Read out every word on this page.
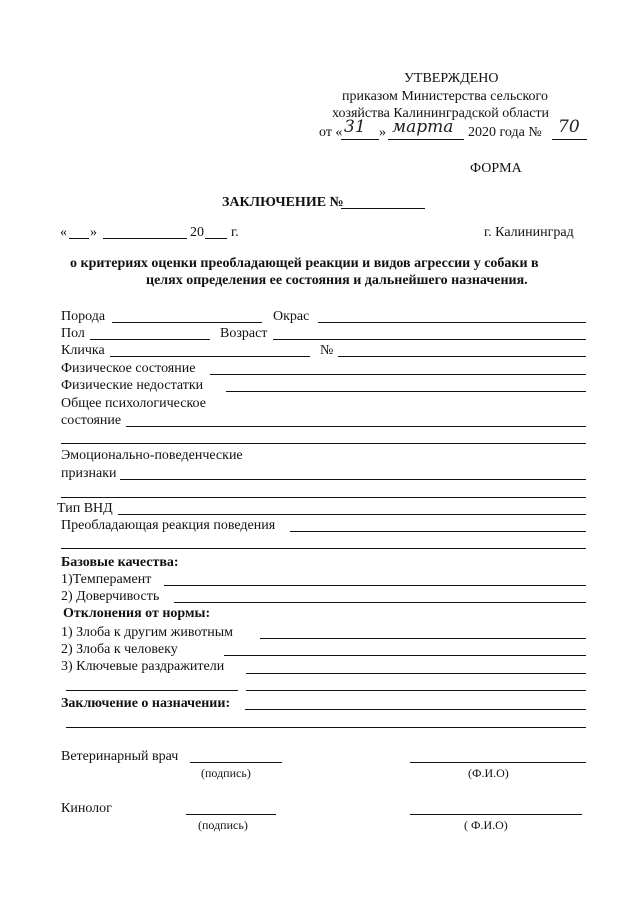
УТВЕРЖДЕНО
приказом Министерства сельского
хозяйства Калининградской области
от « 31 » марта 2020 года № 70
ФОРМА
ЗАКЛЮЧЕНИЕ №
« »	20 г.	г. Калининград
о критериях оценки преобладающей реакции и видов агрессии у собаки в
целях определения ее состояния и дальнейшего назначения.
Порода	Окрас
Пол	Возраст
Кличка	№
Физическое состояние
Физические недостатки
Общее психологическое
состояние
Эмоционально-поведенческие
признаки
Тип ВНД
Преобладающая реакция поведения
Базовые качества:
1)Темперамент
2) Доверчивость
Отклонения от нормы:
1) Злоба к другим животным
2) Злоба к человеку
3) Ключевые раздражители
Заключение о назначении:
Ветеринарный врач
(подпись)	(Ф.И.О)
Кинолог
(подпись)	( Ф.И.О)
